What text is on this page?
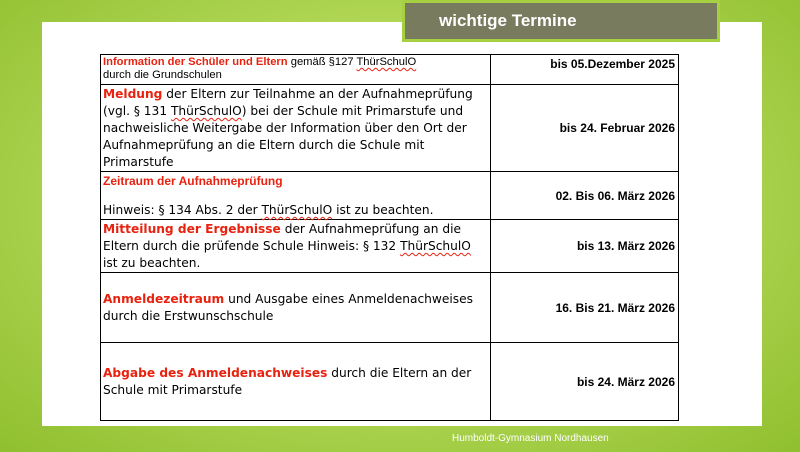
wichtige Termine
Information der Schüler und Eltern gemäß §127 ThürSchulO
durch die Grundschulen	bis 05.Dezember 2025

Meldung der Eltern zur Teilnahme an der Aufnahmeprüfung (vgl. § 131 ThürSchulO) bei der Schule mit Primarstufe und nachweisliche Weitergabe der Information über den Ort der Aufnahmeprüfung an die Eltern durch die Schule mit Primarstufe	bis 24. Februar 2026

Zeitraum der Aufnahmeprüfung

Hinweis: § 134 Abs. 2 der ThürSchulO ist zu beachten.	02. Bis 06. März 2026

Mitteilung der Ergebnisse der Aufnahmeprüfung an die Eltern durch die prüfende Schule Hinweis: § 132 ThürSchulO ist zu beachten.	bis 13. März 2026

Anmeldezeitraum und Ausgabe eines Anmeldenachweises durch die Erstwunschschule	16. Bis 21. März 2026

Abgabe des Anmeldenachweises durch die Eltern an der Schule mit Primarstufe	bis 24. März 2026
Humboldt-Gymnasium Nordhausen
